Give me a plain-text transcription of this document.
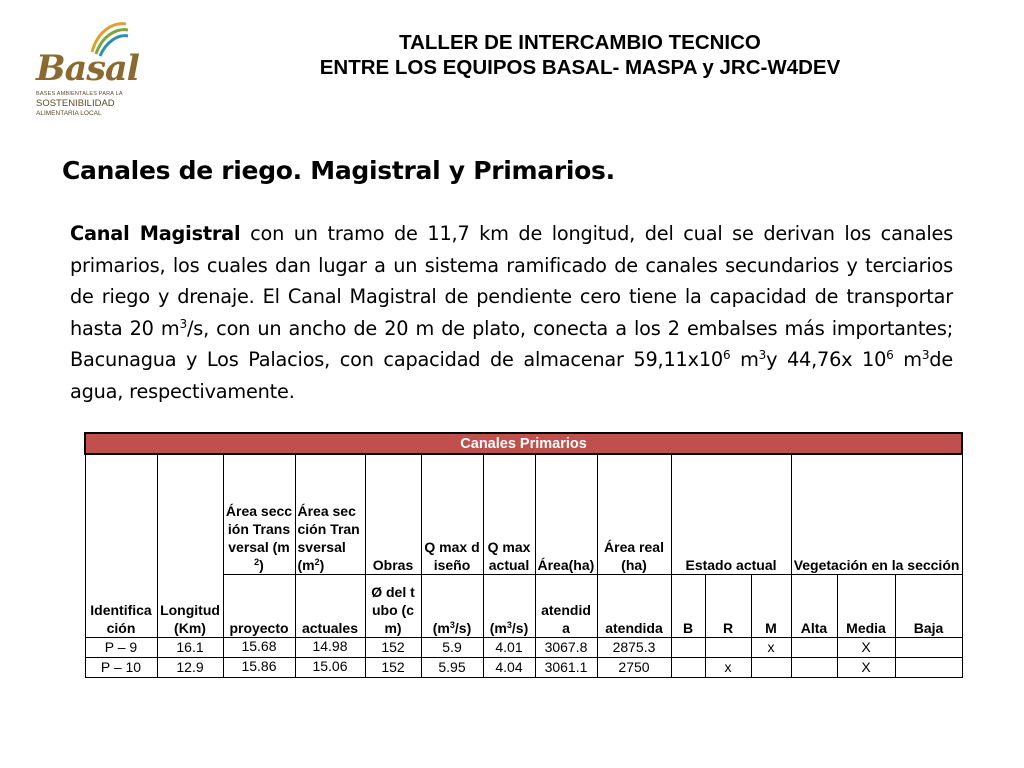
Basal
BASES AMBIENTALES PARA LA
SOSTENIBILIDAD
ALIMENTARIA LOCAL
TALLER DE INTERCAMBIO TECNICO
ENTRE LOS EQUIPOS BASAL- MASPA y JRC-W4DEV
Canales de riego. Magistral y Primarios.
Canal Magistral con un tramo de 11,7 km de longitud, del cual se derivan los canales primarios, los cuales dan lugar a un sistema ramificado de canales secundarios y terciarios de riego y drenaje. El Canal Magistral de pendiente cero tiene la capacidad de transportar hasta 20 $m^3/s$, con un ancho de 20 m de plato, conecta a los 2 embalses más importantes; Bacunagua y Los Palacios, con capacidad de almacenar $59,11x10^6$ $m^3y$ 44,76x $10^6$ $m^3de$ agua, respectivamente.
Canales Primarios														
Identificación	Longitud (Km)	Área sección Transversal $(m^2)$	Área sección Transversal $(m^2)$	Obras	Q max diseño	Q max actual	Área(ha)	Área real (ha)	Estado actual			Vegetación en la sección		
		proyecto	actuales	Ø del tubo (cm)	$(m^3/s)$	$(m^3/s)$	atendida	atendida	B	R	M	Alta	Media	Baja
P – 9	16.1	15.68	14.98	152	5.9	4.01	3067.8	2875.3			x		X	
P – 10	12.9	15.86	15.06	152	5.95	4.04	3061.1	2750		x			X	
